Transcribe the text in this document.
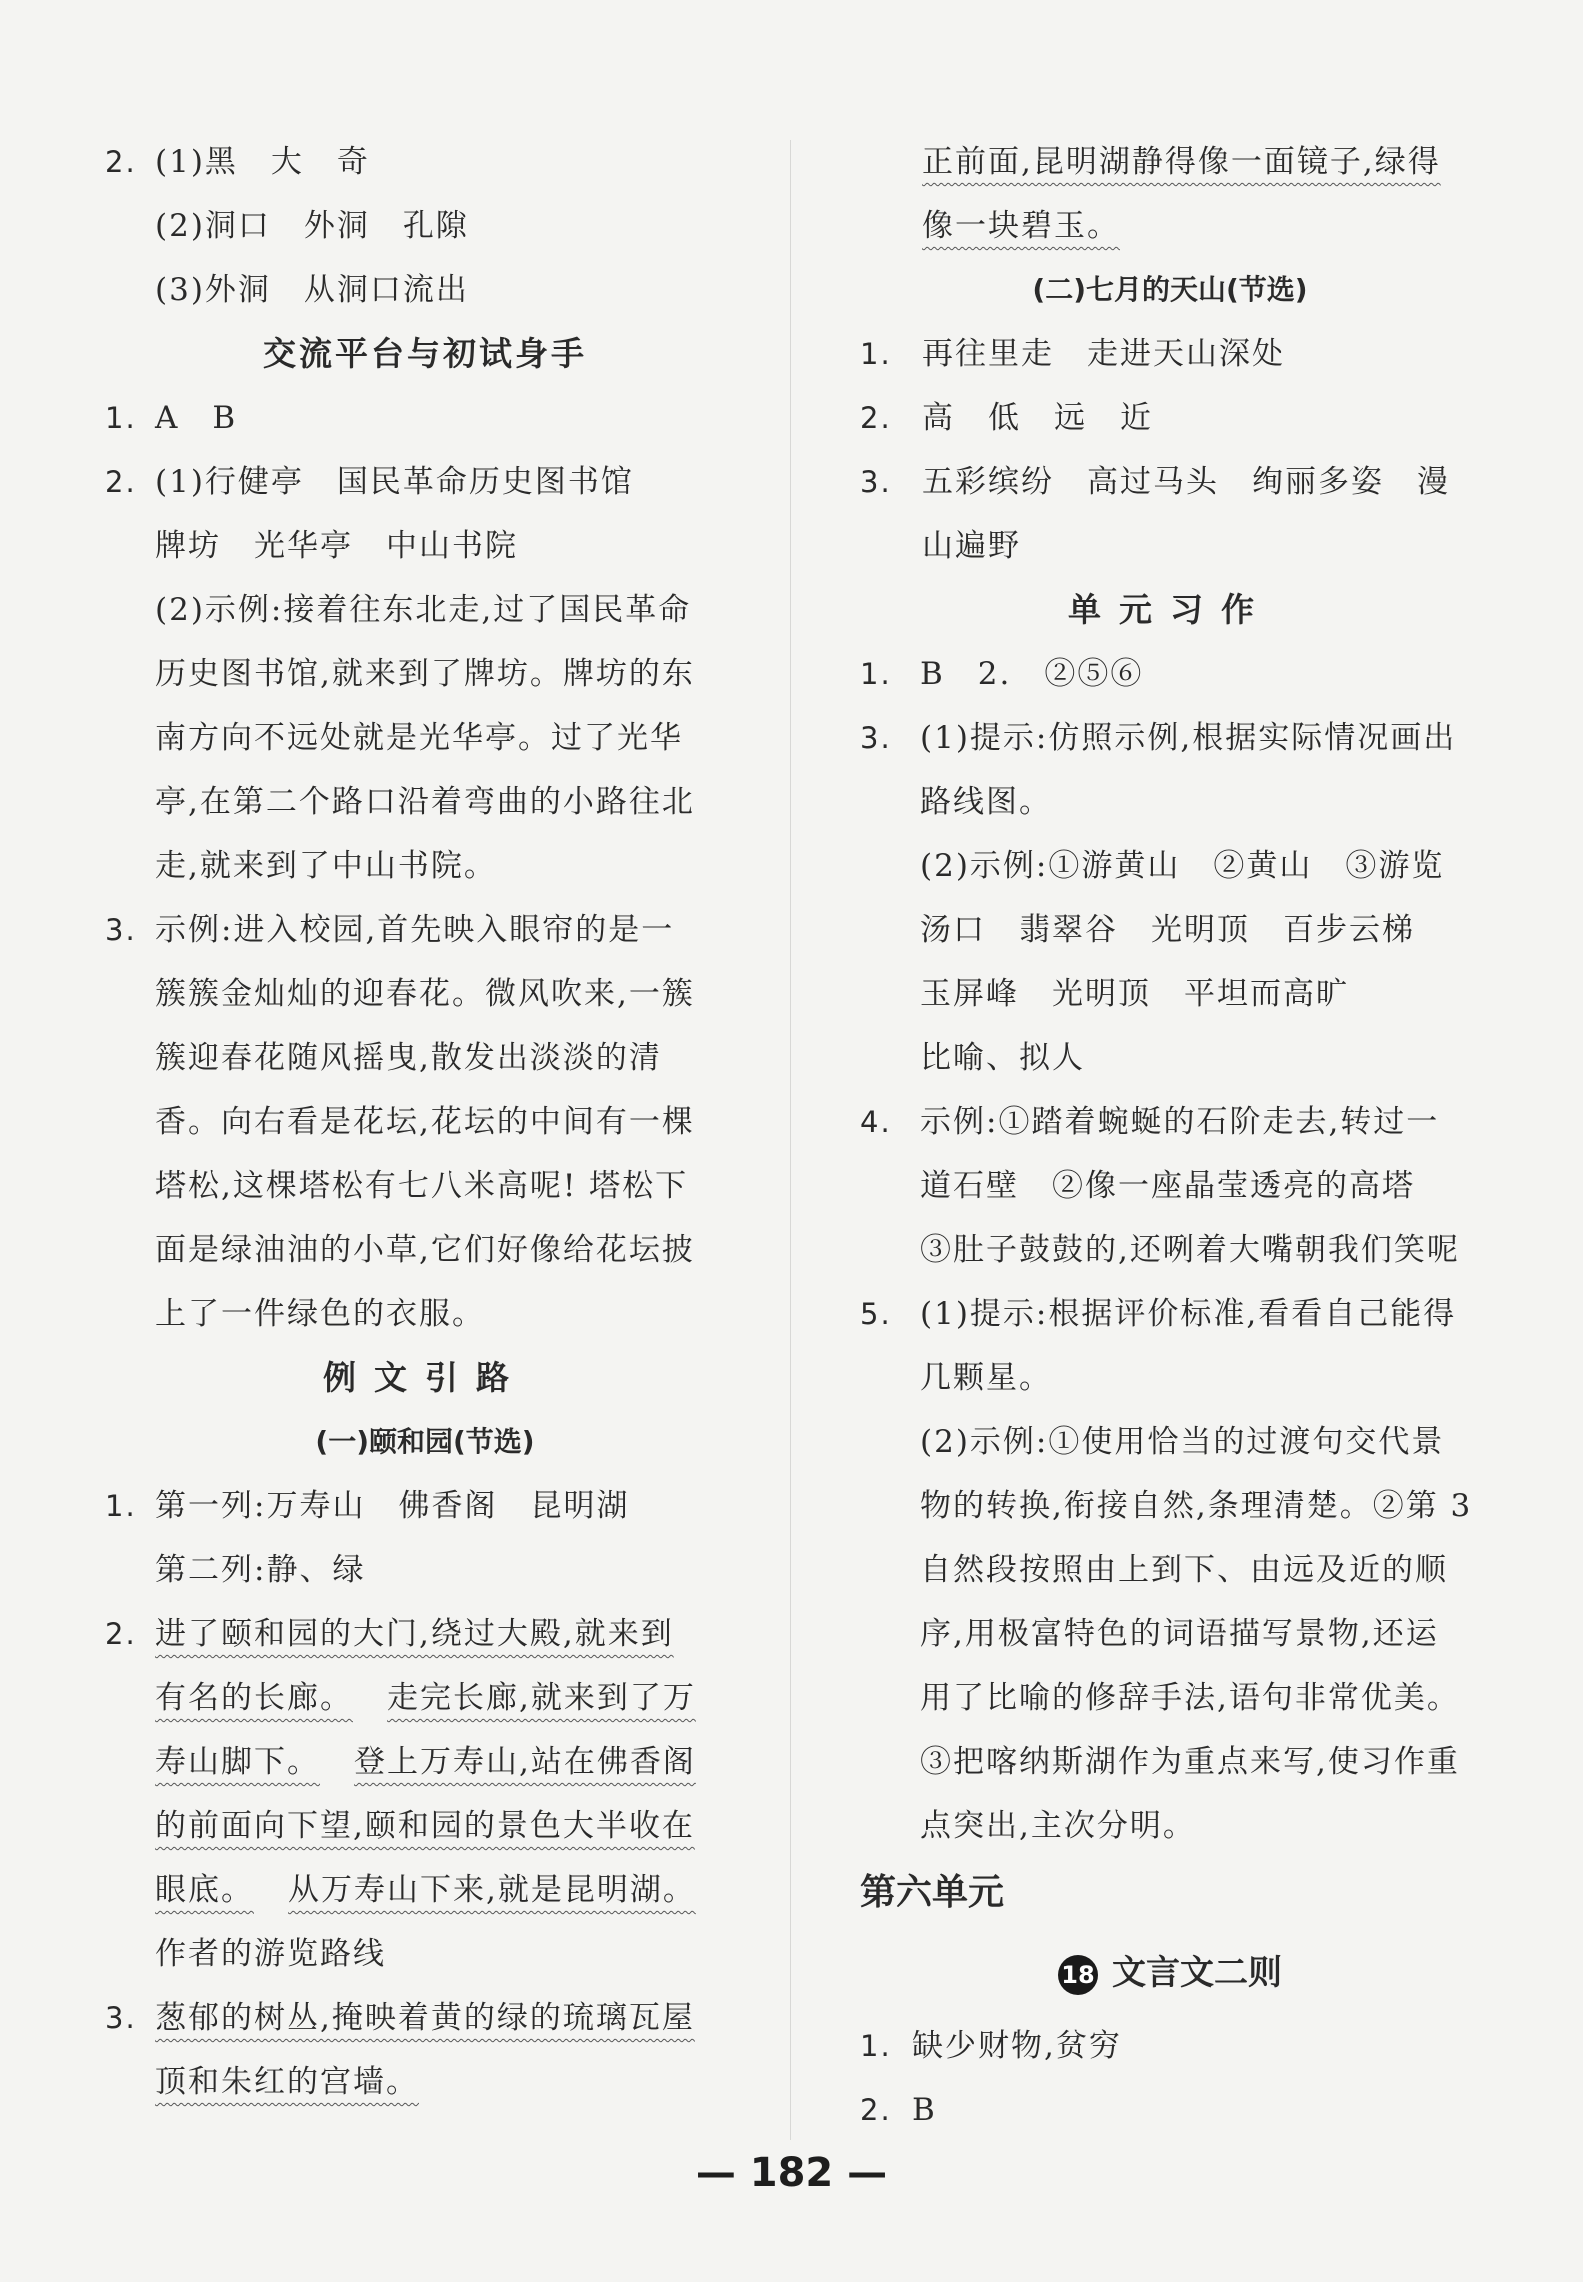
2. (1)黑　大　奇
(2)洞口　外洞　孔隙
(3)外洞　从洞口流出
交流平台与初试身手
1. A　B
2. (1)行健亭　国民革命历史图书馆
牌坊　光华亭　中山书院
(2)示例:接着往东北走,过了国民革命
历史图书馆,就来到了牌坊。牌坊的东
南方向不远处就是光华亭。过了光华
亭,在第二个路口沿着弯曲的小路往北
走,就来到了中山书院。
3. 示例:进入校园,首先映入眼帘的是一
簇簇金灿灿的迎春花。微风吹来,一簇
簇迎春花随风摇曳,散发出淡淡的清
香。向右看是花坛,花坛的中间有一棵
塔松,这棵塔松有七八米高呢! 塔松下
面是绿油油的小草,它们好像给花坛披
上了一件绿色的衣服。
例文引路
(一)颐和园(节选)
1. 第一列:万寿山　佛香阁　昆明湖
第二列:静、绿
2. 进了颐和园的大门,绕过大殿,就来到
有名的长廊。 走完长廊,就来到了万
寿山脚下。 登上万寿山,站在佛香阁
的前面向下望,颐和园的景色大半收在
眼底。 从万寿山下来,就是昆明湖。
作者的游览路线
3. 葱郁的树丛,掩映着黄的绿的琉璃瓦屋
顶和朱红的宫墙。
正前面,昆明湖静得像一面镜子,绿得
像一块碧玉。
(二)七月的天山(节选)
1. 再往里走　走进天山深处
2. 高　低　远　近
3. 五彩缤纷　高过马头　绚丽多姿　漫
山遍野
单元习作
1. B　2.　②⑤⑥
3. (1)提示:仿照示例,根据实际情况画出
路线图。
(2)示例:①游黄山　②黄山　③游览
汤口　翡翠谷　光明顶　百步云梯
玉屏峰　光明顶　平坦而高旷
比喻、拟人
4. 示例:①踏着蜿蜒的石阶走去,转过一
道石壁　②像一座晶莹透亮的高塔
③肚子鼓鼓的,还咧着大嘴朝我们笑呢
5. (1)提示:根据评价标准,看看自己能得
几颗星。
(2)示例:①使用恰当的过渡句交代景
物的转换,衔接自然,条理清楚。②第 3
自然段按照由上到下、由远及近的顺
序,用极富特色的词语描写景物,还运
用了比喻的修辞手法,语句非常优美。
③把喀纳斯湖作为重点来写,使习作重
点突出,主次分明。
第六单元
18 文言文二则
1. 缺少财物,贫穷
2. B
— 182 —
